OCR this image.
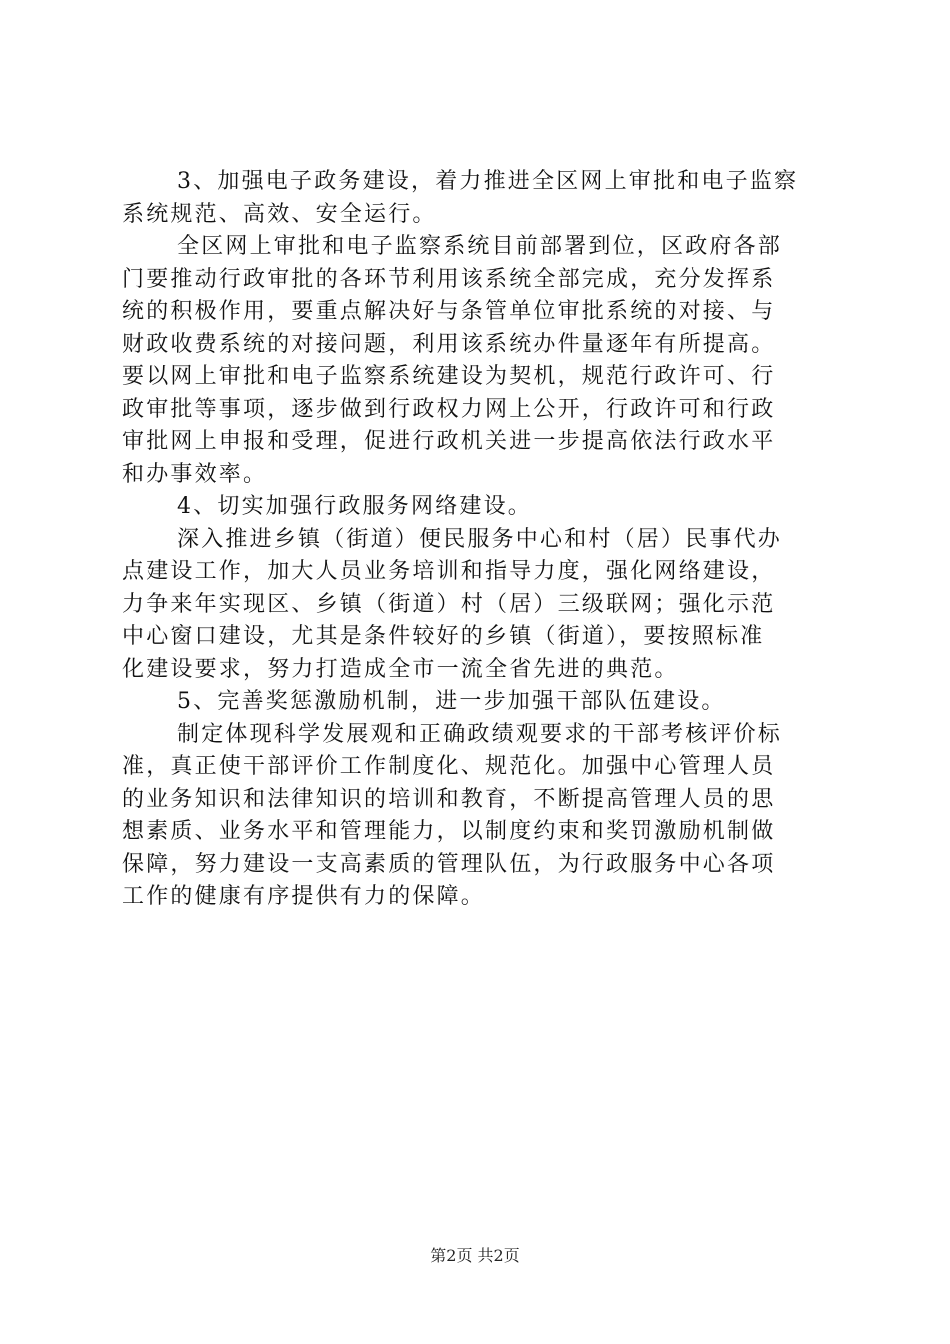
3、加强电子政务建设，着力推进全区网上审批和电子监察
系统规范、高效、安全运行。
全区网上审批和电子监察系统目前部署到位，区政府各部
门要推动行政审批的各环节利用该系统全部完成，充分发挥系
统的积极作用，要重点解决好与条管单位审批系统的对接、与
财政收费系统的对接问题，利用该系统办件量逐年有所提高。
要以网上审批和电子监察系统建设为契机，规范行政许可、行
政审批等事项，逐步做到行政权力网上公开，行政许可和行政
审批网上申报和受理，促进行政机关进一步提高依法行政水平
和办事效率。
4、切实加强行政服务网络建设。
深入推进乡镇（街道）便民服务中心和村（居）民事代办
点建设工作，加大人员业务培训和指导力度，强化网络建设，
力争来年实现区、乡镇（街道）村（居）三级联网；强化示范
中心窗口建设，尤其是条件较好的乡镇（街道），要按照标准
化建设要求，努力打造成全市一流全省先进的典范。
5、完善奖惩激励机制，进一步加强干部队伍建设。
制定体现科学发展观和正确政绩观要求的干部考核评价标
准，真正使干部评价工作制度化、规范化。加强中心管理人员
的业务知识和法律知识的培训和教育，不断提高管理人员的思
想素质、业务水平和管理能力，以制度约束和奖罚激励机制做
保障，努力建设一支高素质的管理队伍，为行政服务中心各项
工作的健康有序提供有力的保障。
第2页 共2页
